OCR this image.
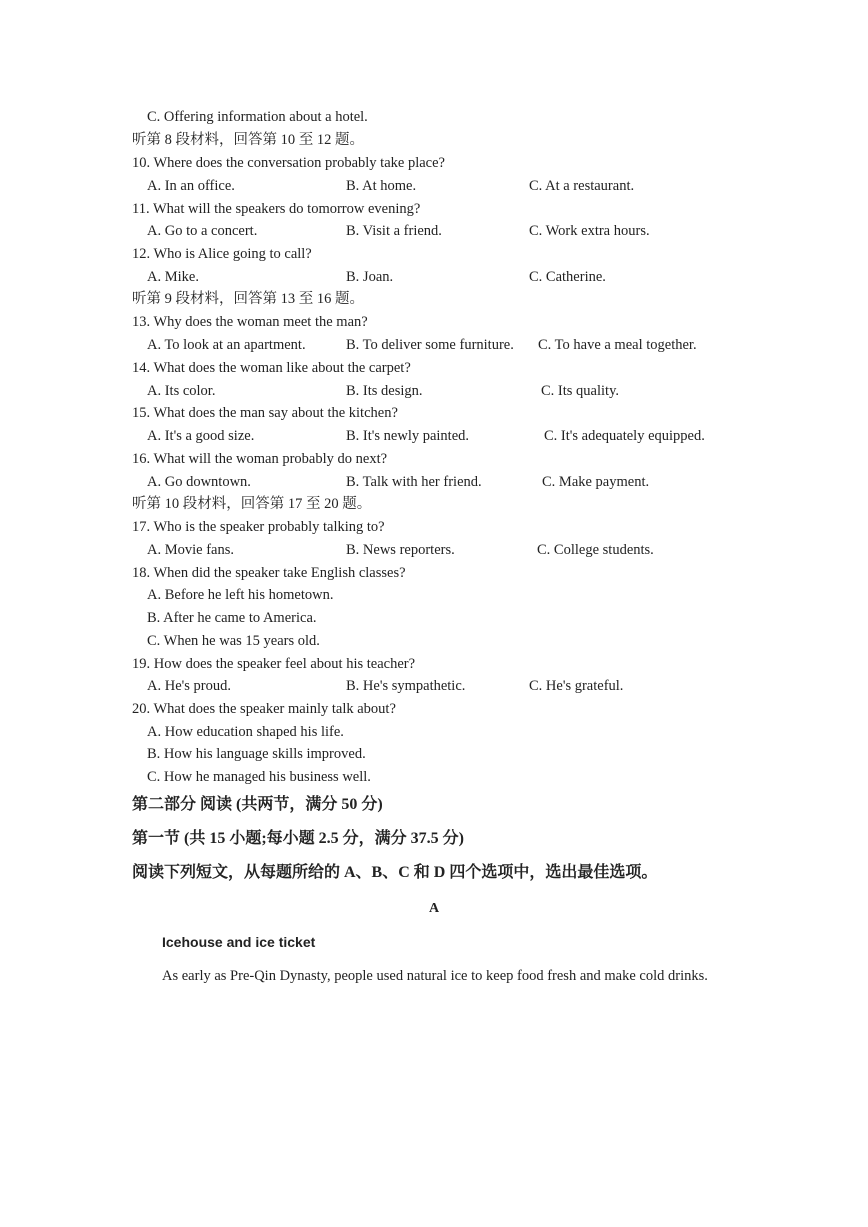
C. Offering information about a hotel.
听第 8 段材料，回答第 10 至 12 题。
10. Where does the conversation probably take place?
A. In an office.	B. At home.	C. At a restaurant.
11. What will the speakers do tomorrow evening?
A. Go to a concert.	B. Visit a friend.	C. Work extra hours.
12. Who is Alice going to call?
A. Mike.	B. Joan.	C. Catherine.
听第 9 段材料，回答第 13 至 16 题。
13. Why does the woman meet the man?
A. To look at an apartment.	B. To deliver some furniture. C. To have a meal together.
14. What does the woman like about the carpet?
A. Its color.	B. Its design.	C. Its quality.
15. What does the man say about the kitchen?
A. It's a good size.	B. It's newly painted.	C. It's adequately equipped.
16. What will the woman probably do next?
A. Go downtown.	B. Talk with her friend.	C. Make payment.
听第 10 段材料，回答第 17 至 20 题。
17. Who is the speaker probably talking to?
A. Movie fans.	B. News reporters.	C. College students.
18. When did the speaker take English classes?
A. Before he left his hometown.
B. After he came to America.
C. When he was 15 years old.
19. How does the speaker feel about his teacher?
A. He's proud.	B. He's sympathetic.	C. He's grateful.
20. What does the speaker mainly talk about?
A. How education shaped his life.
B. How his language skills improved.
C. How he managed his business well.
第二部分 阅读 (共两节，满分 50 分)
第一节 (共 15 小题;每小题 2.5 分，满分 37.5 分)
阅读下列短文，从每题所给的 A、B、C 和 D 四个选项中，选出最佳选项。
A
Icehouse and ice ticket
As early as Pre-Qin Dynasty, people used natural ice to keep food fresh and make cold drinks.
